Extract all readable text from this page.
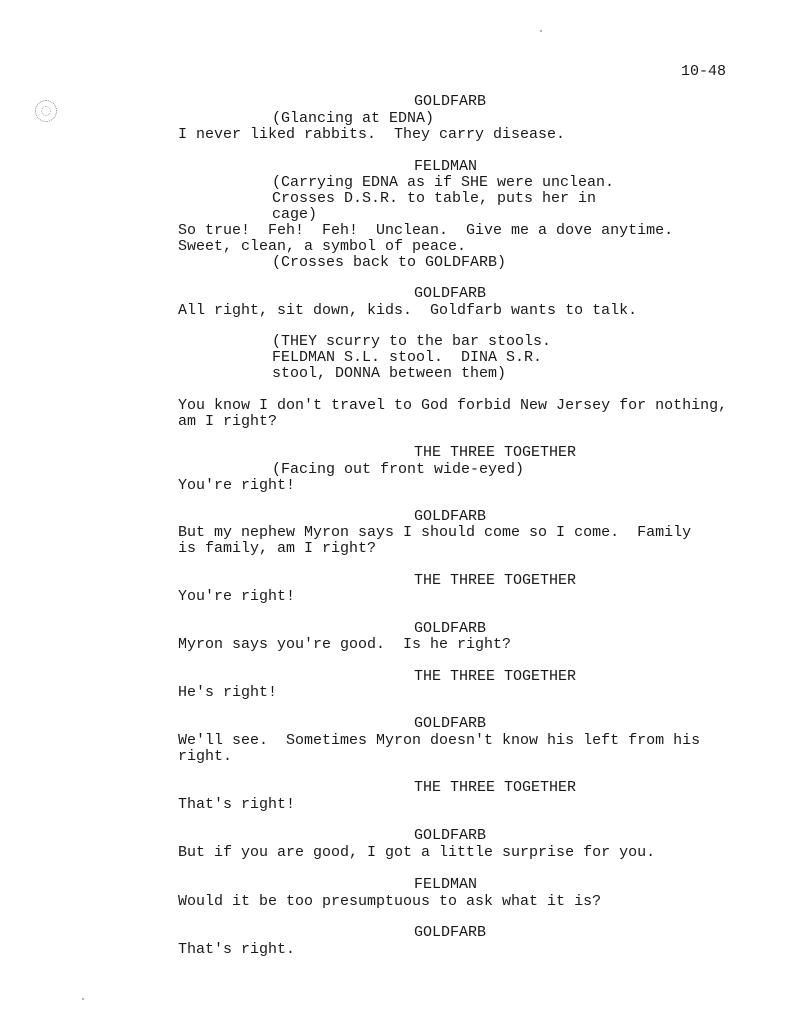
10-48

GOLDFARB

(Glancing at EDNA)

I never liked rabbits.  They carry disease.

FELDMAN

(Carrying EDNA as if SHE were unclean.
Crosses D.S.R. to table, puts her in
cage)

So true!  Feh!  Feh!  Unclean.  Give me a dove anytime.
Sweet, clean, a symbol of peace.

(Crosses back to GOLDFARB)

GOLDFARB

All right, sit down, kids.  Goldfarb wants to talk.

(THEY scurry to the bar stools.
FELDMAN S.L. stool.  DINA S.R.
stool, DONNA between them)

You know I don't travel to God forbid New Jersey for nothing,
am I right?

THE THREE TOGETHER

(Facing out front wide-eyed)

You're right!

GOLDFARB

But my nephew Myron says I should come so I come.  Family
is family, am I right?

THE THREE TOGETHER

You're right!

GOLDFARB

Myron says you're good.  Is he right?

THE THREE TOGETHER

He's right!

GOLDFARB

We'll see.  Sometimes Myron doesn't know his left from his
right.

THE THREE TOGETHER

That's right!

GOLDFARB

But if you are good, I got a little surprise for you.

FELDMAN

Would it be too presumptuous to ask what it is?

GOLDFARB

That's right.
